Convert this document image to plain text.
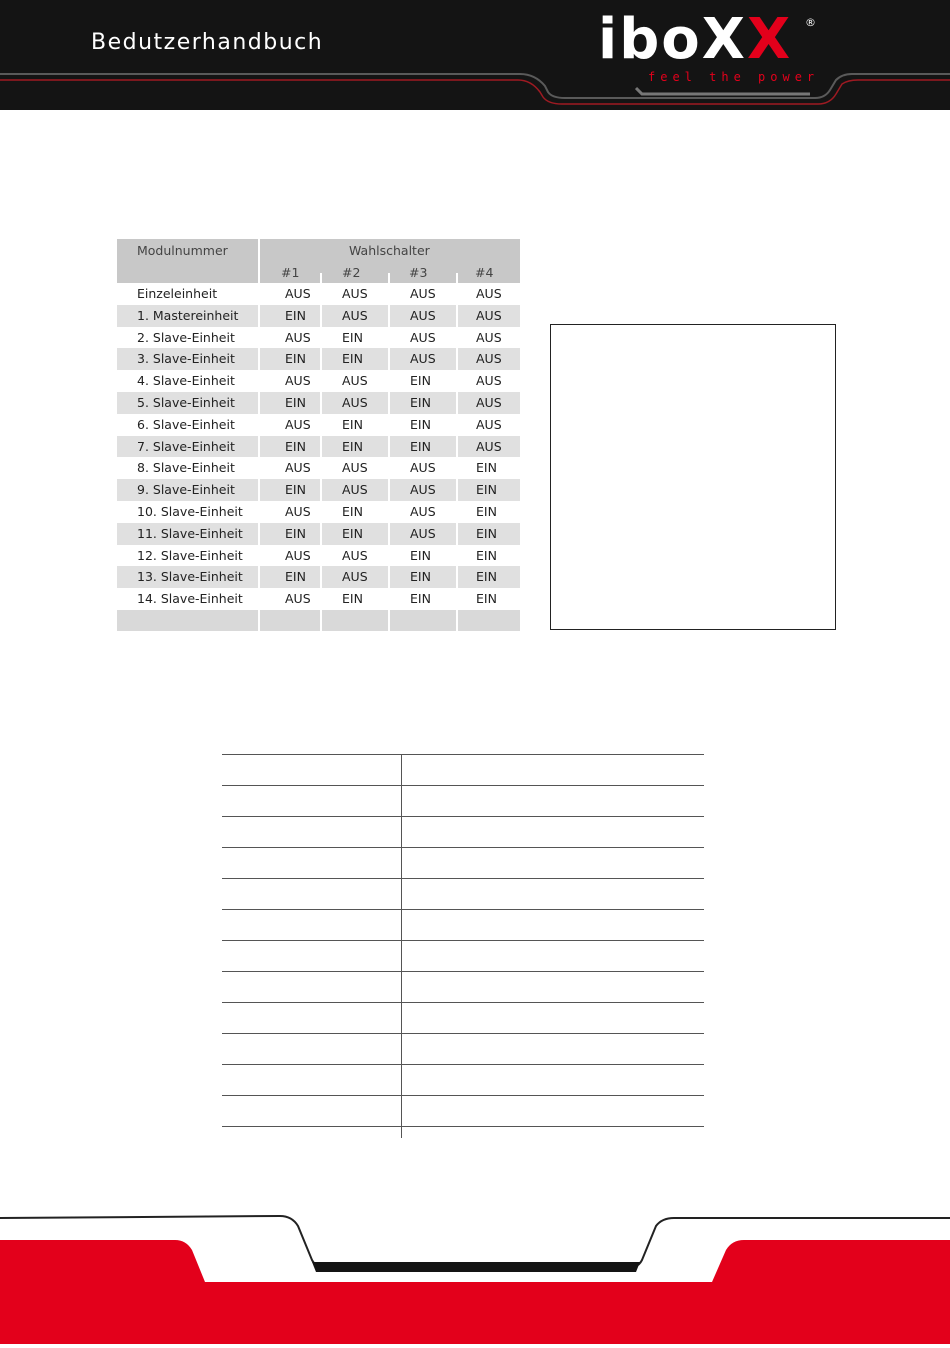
Bedutzerhandbuch	iboXX ®
feel the power
Modulnummer	Wahlschalter
#1	#2	#3	#4
Einzeleinheit	AUS	AUS	AUS	AUS
1. Mastereinheit	EIN	AUS	AUS	AUS
2. Slave-Einheit	AUS	EIN	AUS	AUS
3. Slave-Einheit	EIN	EIN	AUS	AUS
4. Slave-Einheit	AUS	AUS	EIN	AUS
5. Slave-Einheit	EIN	AUS	EIN	AUS
6. Slave-Einheit	AUS	EIN	EIN	AUS
7. Slave-Einheit	EIN	EIN	EIN	AUS
8. Slave-Einheit	AUS	AUS	AUS	EIN
9. Slave-Einheit	EIN	AUS	AUS	EIN
10. Slave-Einheit	AUS	EIN	AUS	EIN
11. Slave-Einheit	EIN	EIN	AUS	EIN
12. Slave-Einheit	AUS	AUS	EIN	EIN
13. Slave-Einheit	EIN	AUS	EIN	EIN
14. Slave-Einheit	AUS	EIN	EIN	EIN
